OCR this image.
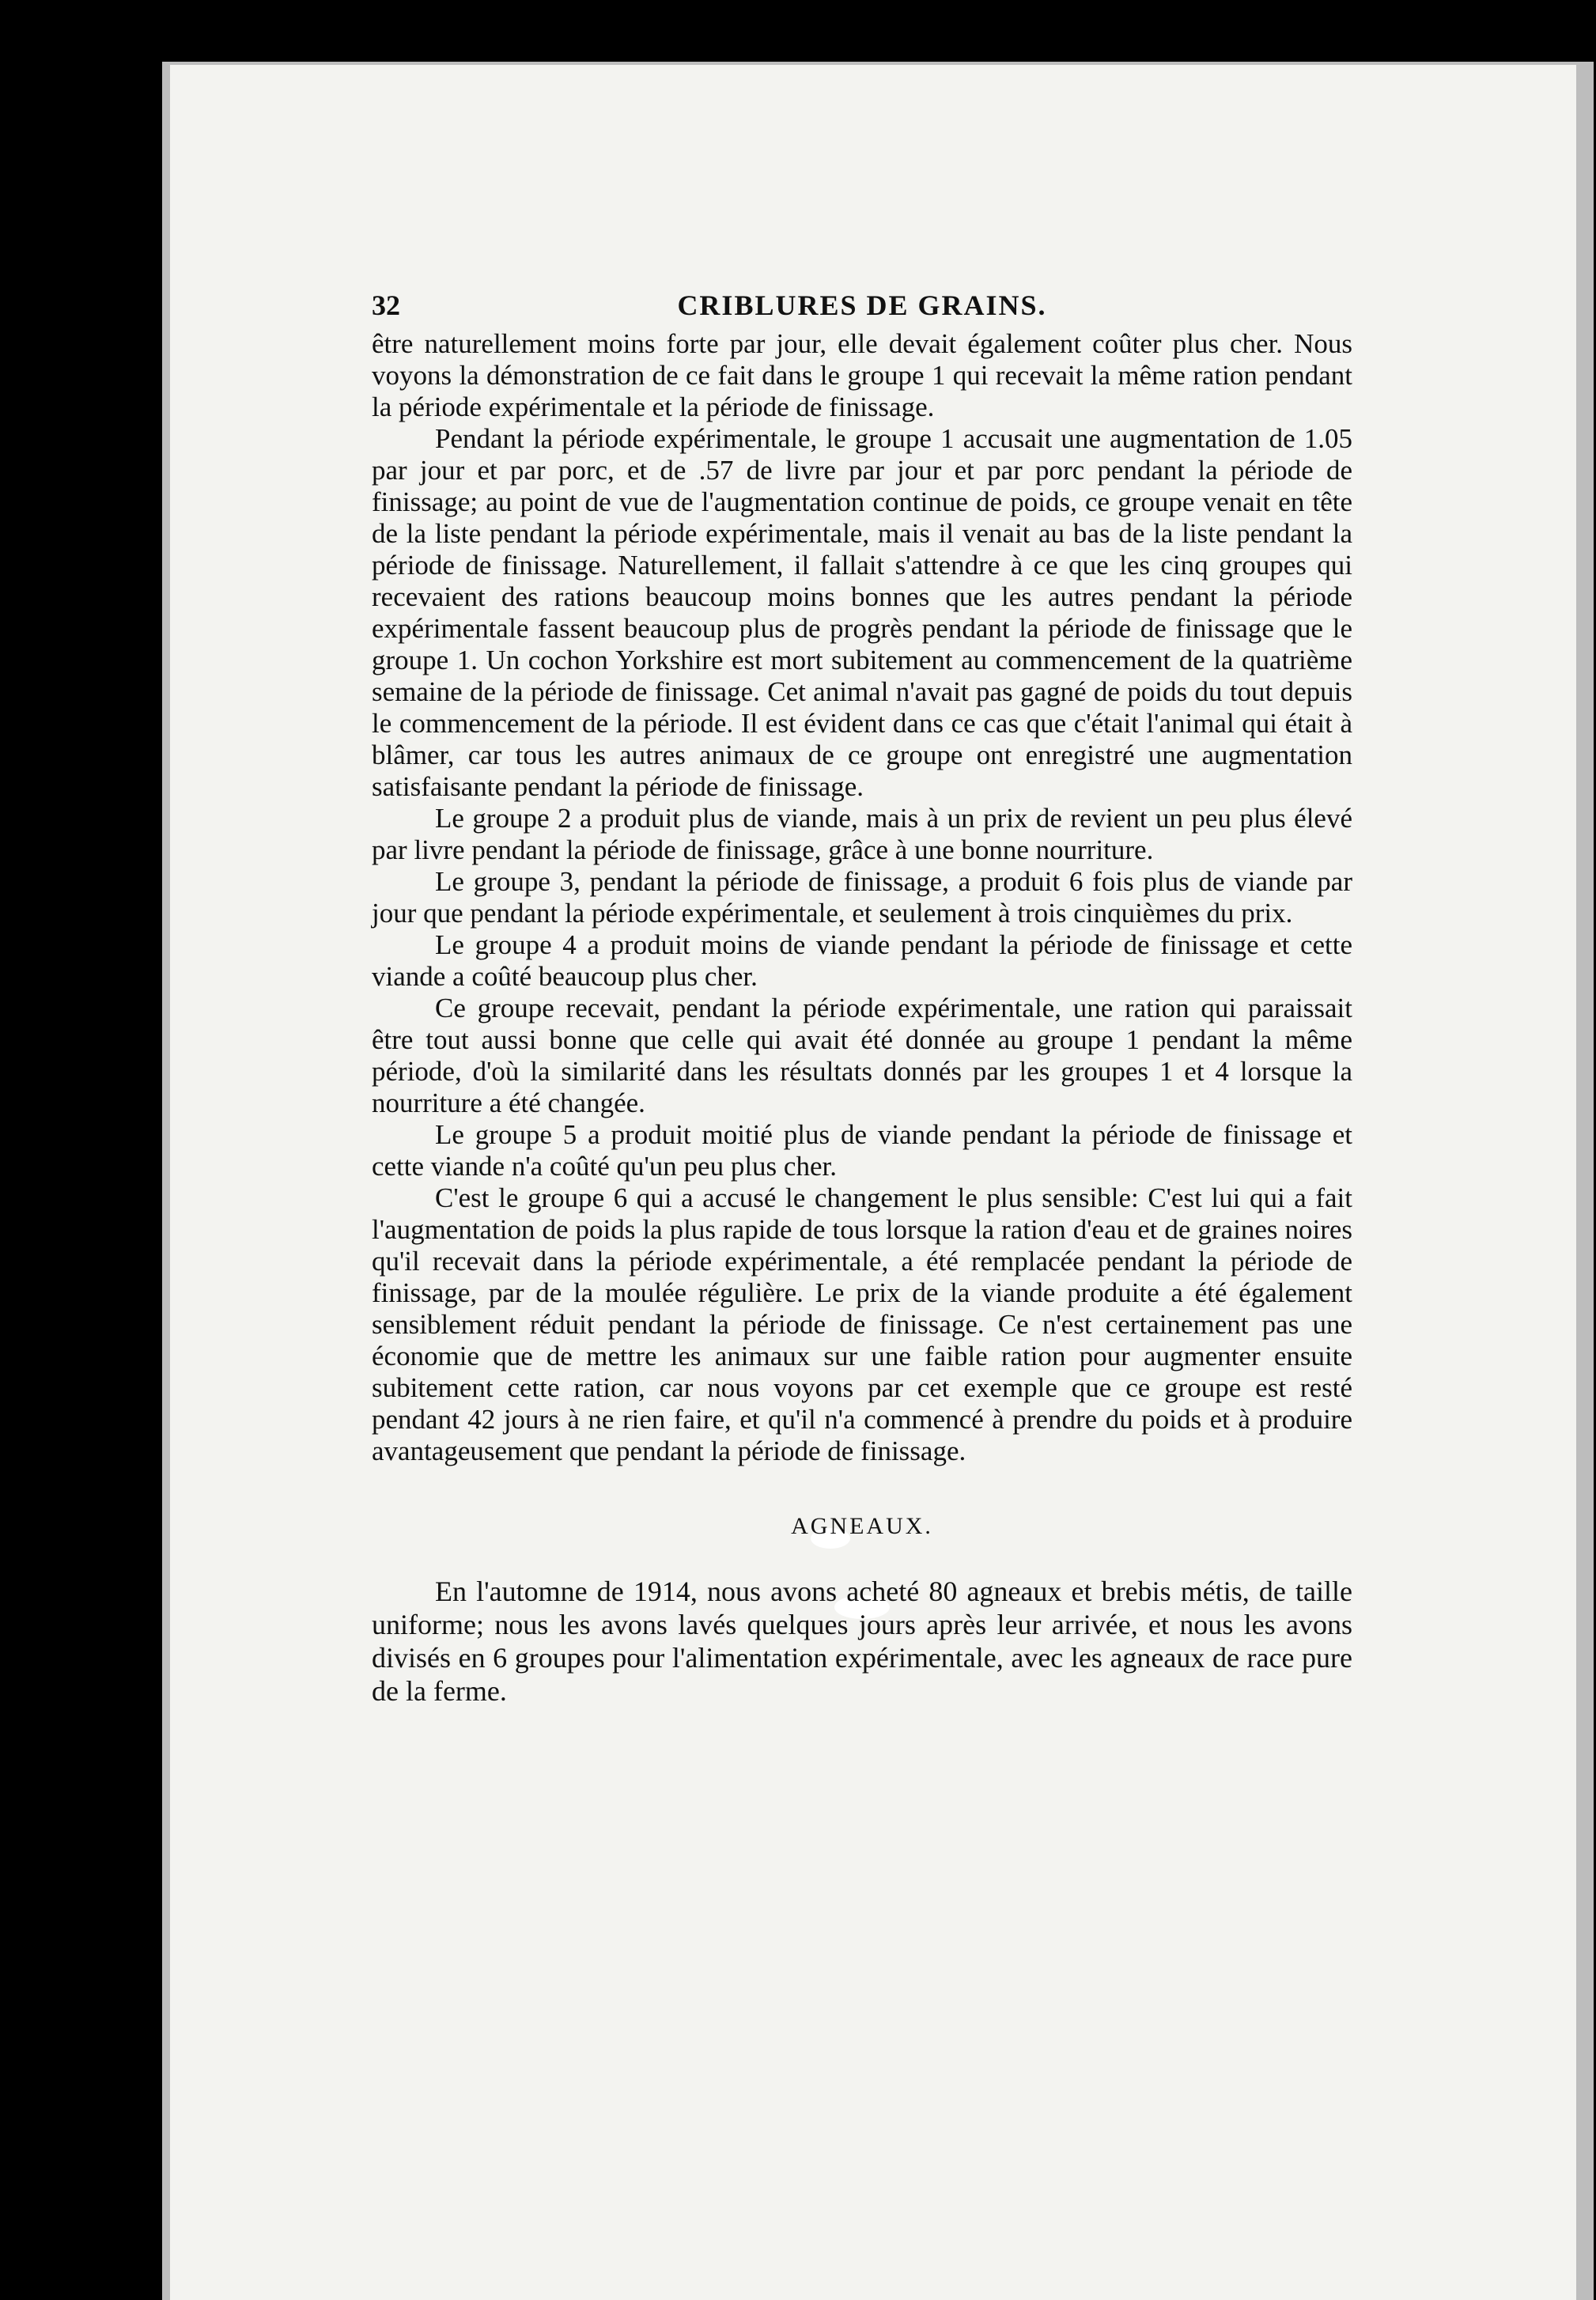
32	CRIBLURES DE GRAINS.

être naturellement moins forte par jour, elle devait également coûter plus cher. Nous voyons la démonstration de ce fait dans le groupe 1 qui recevait la même ration pendant la période expérimentale et la période de finissage.

Pendant la période expérimentale, le groupe 1 accusait une augmentation de 1.05 par jour et par porc, et de .57 de livre par jour et par porc pendant la période de finissage; au point de vue de l'augmentation continue de poids, ce groupe venait en tête de la liste pendant la période expérimentale, mais il venait au bas de la liste pendant la période de finissage. Naturellement, il fallait s'attendre à ce que les cinq groupes qui recevaient des rations beaucoup moins bonnes que les autres pendant la période expérimentale fassent beaucoup plus de progrès pendant la période de finissage que le groupe 1. Un cochon Yorkshire est mort subitement au commencement de la quatrième semaine de la période de finissage. Cet animal n'avait pas gagné de poids du tout depuis le commencement de la période. Il est évident dans ce cas que c'était l'animal qui était à blâmer, car tous les autres animaux de ce groupe ont enregistré une augmentation satisfaisante pendant la période de finissage.

Le groupe 2 a produit plus de viande, mais à un prix de revient un peu plus élevé par livre pendant la période de finissage, grâce à une bonne nourriture.

Le groupe 3, pendant la période de finissage, a produit 6 fois plus de viande par jour que pendant la période expérimentale, et seulement à trois cinquièmes du prix.

Le groupe 4 a produit moins de viande pendant la période de finissage et cette viande a coûté beaucoup plus cher.

Ce groupe recevait, pendant la période expérimentale, une ration qui paraissait être tout aussi bonne que celle qui avait été donnée au groupe 1 pendant la même période, d'où la similarité dans les résultats donnés par les groupes 1 et 4 lorsque la nourriture a été changée.

Le groupe 5 a produit moitié plus de viande pendant la période de finissage et cette viande n'a coûté qu'un peu plus cher.

C'est le groupe 6 qui a accusé le changement le plus sensible: C'est lui qui a fait l'augmentation de poids la plus rapide de tous lorsque la ration d'eau et de graines noires qu'il recevait dans la période expérimentale, a été remplacée pendant la période de finissage, par de la moulée régulière. Le prix de la viande produite a été également sensiblement réduit pendant la période de finissage. Ce n'est certainement pas une économie que de mettre les animaux sur une faible ration pour augmenter ensuite subitement cette ration, car nous voyons par cet exemple que ce groupe est resté pendant 42 jours à ne rien faire, et qu'il n'a commencé à prendre du poids et à produire avantageusement que pendant la période de finissage.

AGNEAUX.

En l'automne de 1914, nous avons acheté 80 agneaux et brebis métis, de taille uniforme; nous les avons lavés quelques jours après leur arrivée, et nous les avons divisés en 6 groupes pour l'alimentation expérimentale, avec les agneaux de race pure de la ferme.
